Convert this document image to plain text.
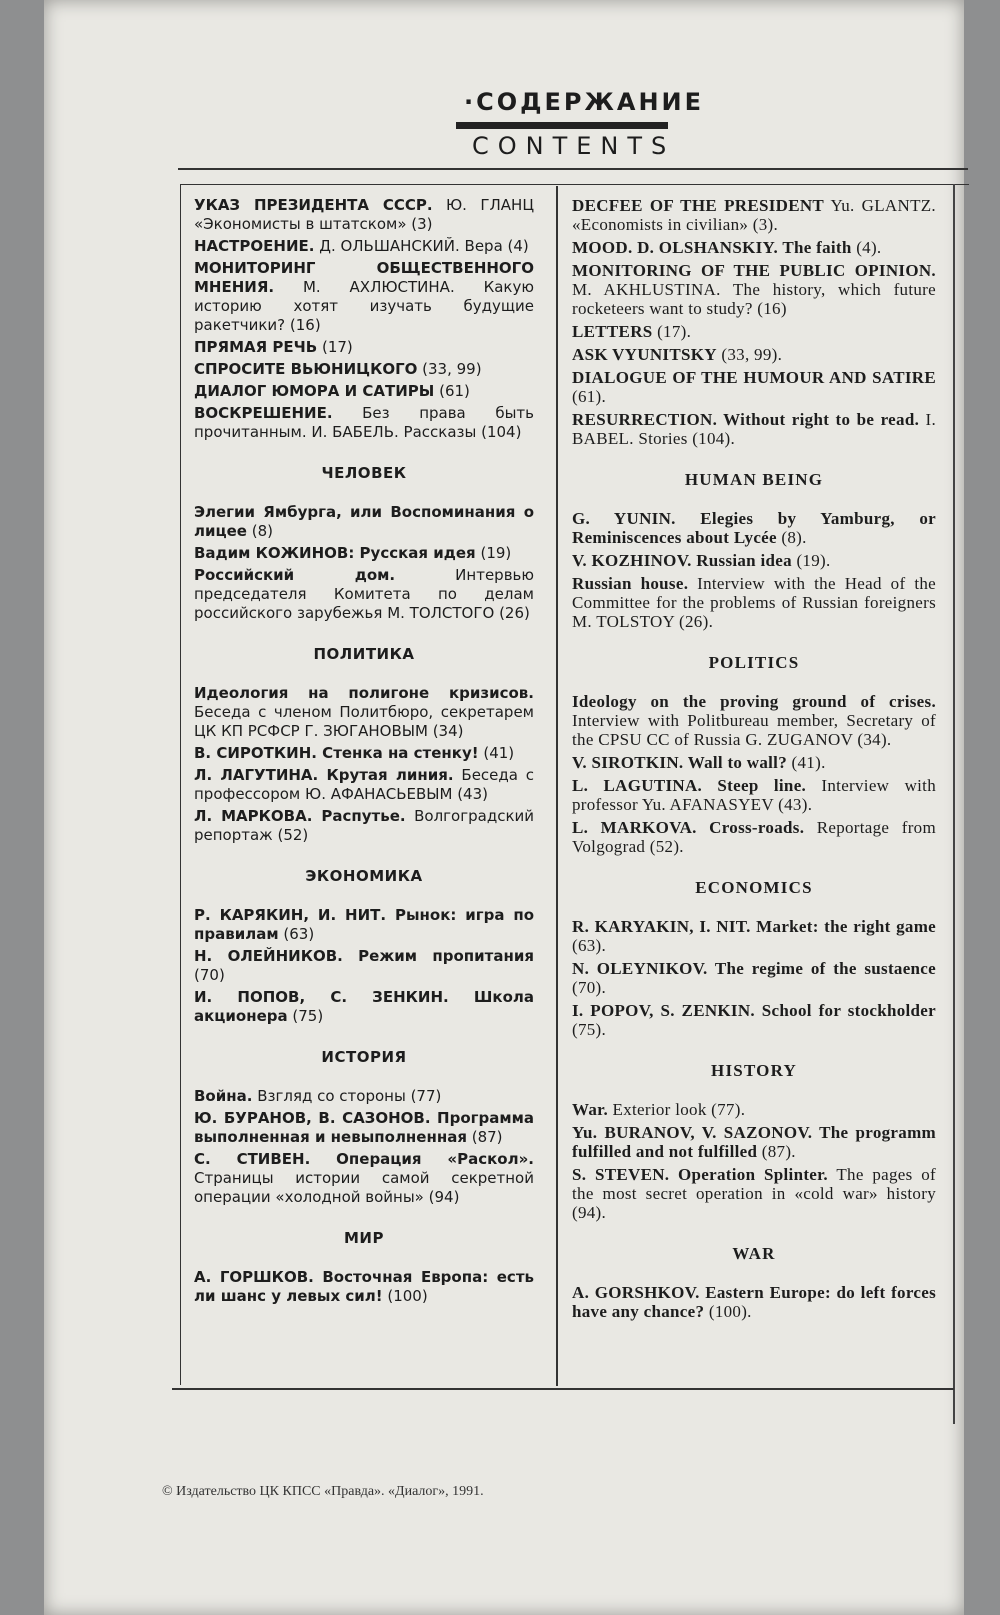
·СОДЕРЖАНИЕ
CONTENTS
УКАЗ ПРЕЗИДЕНТА СССР. Ю. ГЛАНЦ «Экономисты в штатском» (3)
НАСТРОЕНИЕ. Д. ОЛЬШАНСКИЙ. Вера (4)
МОНИТОРИНГ ОБЩЕСТВЕННОГО МНЕНИЯ. М. АХЛЮСТИНА. Какую историю хотят изучать будущие ракетчики? (16)
ПРЯМАЯ РЕЧЬ (17)
СПРОСИТЕ ВЬЮНИЦКОГО (33, 99)
ДИАЛОГ ЮМОРА И САТИРЫ (61)
ВОСКРЕШЕНИЕ. Без права быть прочитанным. И. БАБЕЛЬ. Рассказы (104)
ЧЕЛОВЕК
Элегии Ямбурга, или Воспоминания о лицее (8)
Вадим КОЖИНОВ: Русская идея (19)
Российский дом. Интервью председателя Комитета по делам российского зарубежья М. ТОЛСТОГО (26)
ПОЛИТИКА
Идеология на полигоне кризисов. Беседа с членом Политбюро, секретарем ЦК КП РСФСР Г. ЗЮГАНОВЫМ (34)
В. СИРОТКИН. Стенка на стенку! (41)
Л. ЛАГУТИНА. Крутая линия. Беседа с профессором Ю. АФАНАСЬЕВЫМ (43)
Л. МАРКОВА. Распутье. Волгоградский репортаж (52)
ЭКОНОМИКА
Р. КАРЯКИН, И. НИТ. Рынок: игра по правилам (63)
Н. ОЛЕЙНИКОВ. Режим пропитания (70)
И. ПОПОВ, С. ЗЕНКИН. Школа акционера (75)
ИСТОРИЯ
Война. Взгляд со стороны (77)
Ю. БУРАНОВ, В. САЗОНОВ. Программа выполненная и невыполненная (87)
С. СТИВЕН. Операция «Раскол». Страницы истории самой секретной операции «холодной войны» (94)
МИР
А. ГОРШКОВ. Восточная Европа: есть ли шанс у левых сил! (100)
DECFEE OF THE PRESIDENT Yu. GLANTZ. «Economists in civilian» (3).
MOOD. D. OLSHANSKIY. The faith (4).
MONITORING OF THE PUBLIC OPINION. M. AKHLUSTINA. The history, which future rocketeers want to study? (16)
LETTERS (17).
ASK VYUNITSKY (33, 99).
DIALOGUE OF THE HUMOUR AND SATIRE (61).
RESURRECTION. Without right to be read. I. BABEL. Stories (104).
HUMAN BEING
G. YUNIN. Elegies by Yamburg, or Reminiscences about Lycée (8).
V. KOZHINOV. Russian idea (19).
Russian house. Interview with the Head of the Committee for the problems of Russian foreigners M. TOLSTOY (26).
POLITICS
Ideology on the proving ground of crises. Interview with Politbureau member, Secretary of the CPSU CC of Russia G. ZUGANOV (34).
V. SIROTKIN. Wall to wall? (41).
L. LAGUTINA. Steep line. Interview with professor Yu. AFANASYEV (43).
L. MARKOVA. Cross-roads. Reportage from Volgograd (52).
ECONOMICS
R. KARYAKIN, I. NIT. Market: the right game (63).
N. OLEYNIKOV. The regime of the sustaence (70).
I. POPOV, S. ZENKIN. School for stockholder (75).
HISTORY
War. Exterior look (77).
Yu. BURANOV, V. SAZONOV. The programm fulfilled and not fulfilled (87).
S. STEVEN. Operation Splinter. The pages of the most secret operation in «cold war» history (94).
WAR
A. GORSHKOV. Eastern Europe: do left forces have any chance? (100).
© Издательство ЦК КПСС «Правда». «Диалог», 1991.
